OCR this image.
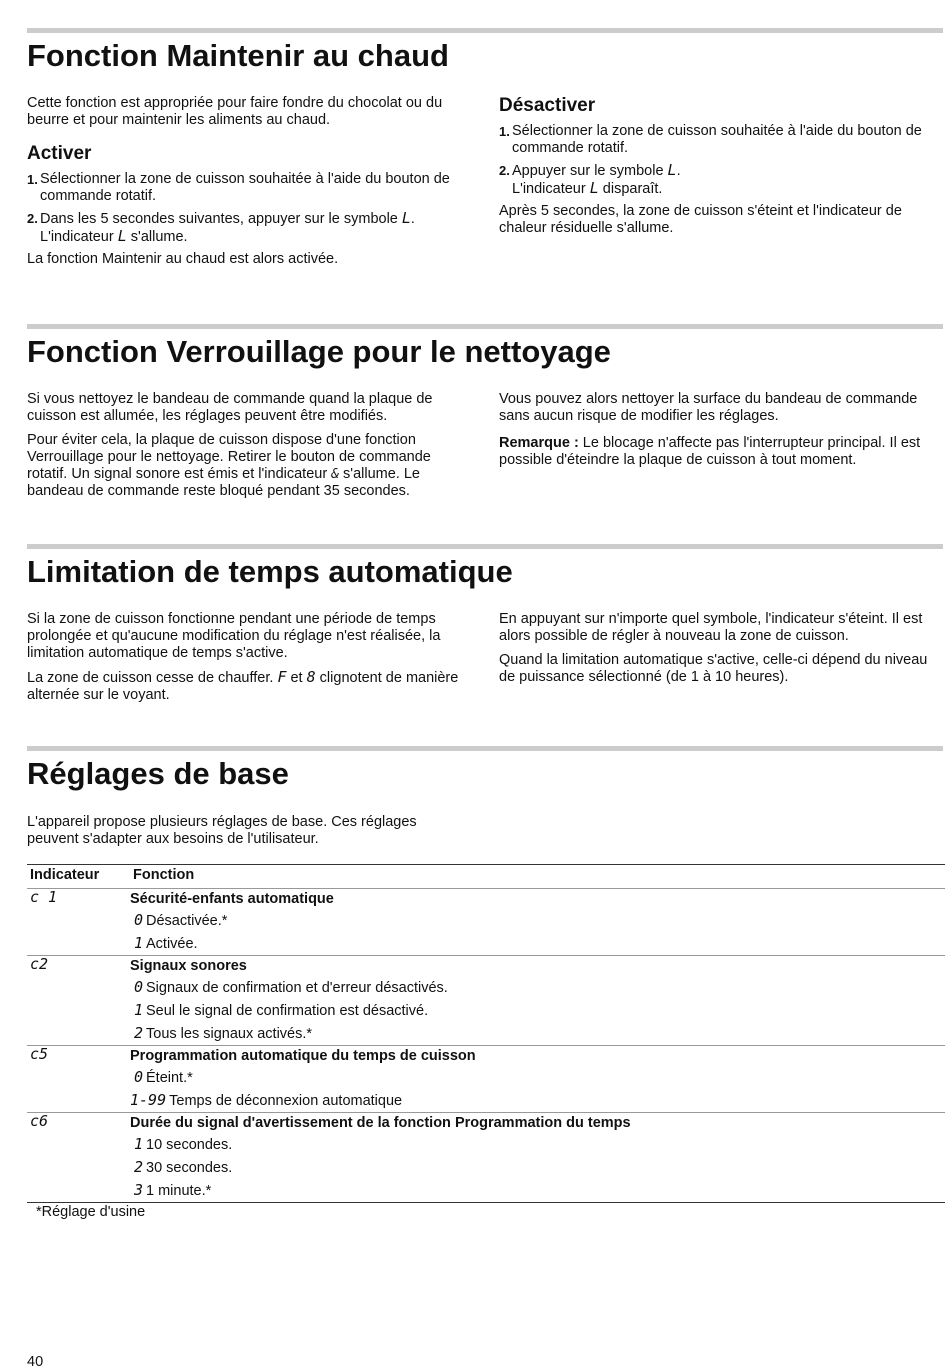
Fonction Maintenir au chaud

Cette fonction est appropriée pour faire fondre du chocolat ou du beurre et pour maintenir les aliments au chaud.

Activer
1. Sélectionner la zone de cuisson souhaitée à l'aide du bouton de commande rotatif.
2. Dans les 5 secondes suivantes, appuyer sur le symbole L.
L'indicateur L s'allume.

La fonction Maintenir au chaud est alors activée.

Désactiver
1. Sélectionner la zone de cuisson souhaitée à l'aide du bouton de commande rotatif.
2. Appuyer sur le symbole L.
L'indicateur L disparaît.

Après 5 secondes, la zone de cuisson s'éteint et l'indicateur de chaleur résiduelle s'allume.

Fonction Verrouillage pour le nettoyage

Si vous nettoyez le bandeau de commande quand la plaque de cuisson est allumée, les réglages peuvent être modifiés.

Pour éviter cela, la plaque de cuisson dispose d'une fonction Verrouillage pour le nettoyage. Retirer le bouton de commande rotatif. Un signal sonore est émis et l'indicateur & s'allume. Le bandeau de commande reste bloqué pendant 35 secondes.

Vous pouvez alors nettoyer la surface du bandeau de commande sans aucun risque de modifier les réglages.

Remarque : Le blocage n'affecte pas l'interrupteur principal. Il est possible d'éteindre la plaque de cuisson à tout moment.

Limitation de temps automatique

Si la zone de cuisson fonctionne pendant une période de temps prolongée et qu'aucune modification du réglage n'est réalisée, la limitation automatique de temps s'active.

La zone de cuisson cesse de chauffer. F et 8 clignotent de manière alternée sur le voyant.

En appuyant sur n'importe quel symbole, l'indicateur s'éteint. Il est alors possible de régler à nouveau la zone de cuisson.

Quand la limitation automatique s'active, celle-ci dépend du niveau de puissance sélectionné (de 1 à 10 heures).

Réglages de base

L'appareil propose plusieurs réglages de base. Ces réglages peuvent s'adapter aux besoins de l'utilisateur.

Indicateur	Fonction
c 1	Sécurité-enfants automatique
0 Désactivée.*
1 Activée.

c2	Signaux sonores
0 Signaux de confirmation et d'erreur désactivés.
1 Seul le signal de confirmation est désactivé.
2 Tous les signaux activés.*

c5	Programmation automatique du temps de cuisson
0 Éteint.*
1-99 Temps de déconnexion automatique

c6	Durée du signal d'avertissement de la fonction Programmation du temps
1 10 secondes.
2 30 secondes.
3 1 minute.*
*Réglage d'usine
40
